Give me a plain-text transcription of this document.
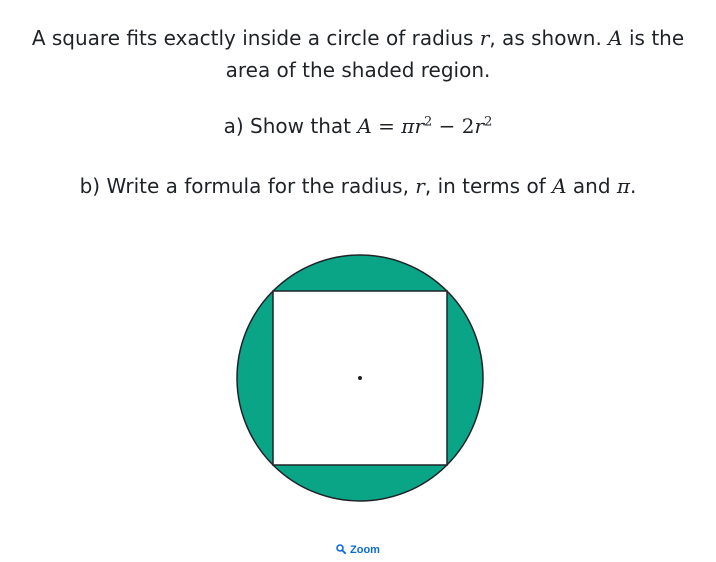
A square fits exactly inside a circle of radius r, as shown. A is the

area of the shaded region.

a) Show that $A = \pi r^2 - 2r^2$

b) Write a formula for the radius, r, in terms of A and π.

Zoom
